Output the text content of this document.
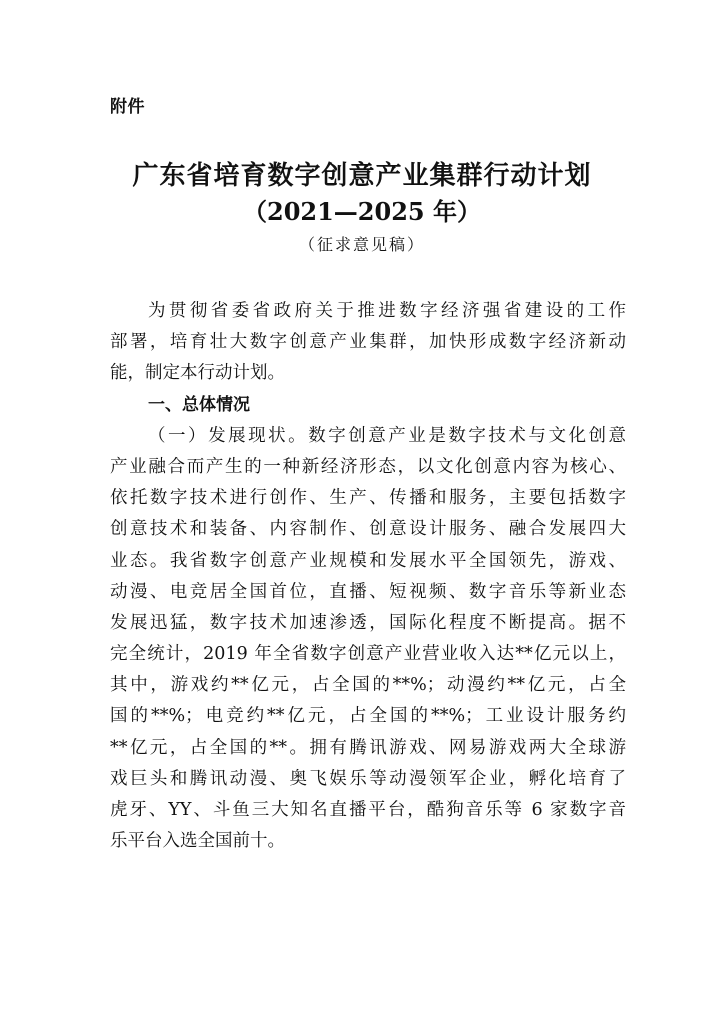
附件
广东省培育数字创意产业集群行动计划
（2021—2025 年）
（征求意见稿）
为贯彻省委省政府关于推进数字经济强省建设的工作
部署，培育壮大数字创意产业集群，加快形成数字经济新动
能，制定本行动计划。
一、总体情况
（一）发展现状。数字创意产业是数字技术与文化创意
产业融合而产生的一种新经济形态，以文化创意内容为核心、
依托数字技术进行创作、生产、传播和服务，主要包括数字
创意技术和装备、内容制作、创意设计服务、融合发展四大
业态。我省数字创意产业规模和发展水平全国领先，游戏、
动漫、电竞居全国首位，直播、短视频、数字音乐等新业态
发展迅猛，数字技术加速渗透，国际化程度不断提高。据不
完全统计，2019 年全省数字创意产业营业收入达**亿元以上，
其中，游戏约**亿元，占全国的**%；动漫约**亿元，占全
国的**%；电竞约**亿元，占全国的**%；工业设计服务约
**亿元，占全国的**。拥有腾讯游戏、网易游戏两大全球游
戏巨头和腾讯动漫、奥飞娱乐等动漫领军企业，孵化培育了
虎牙、YY、斗鱼三大知名直播平台，酷狗音乐等 6 家数字音
乐平台入选全国前十。
